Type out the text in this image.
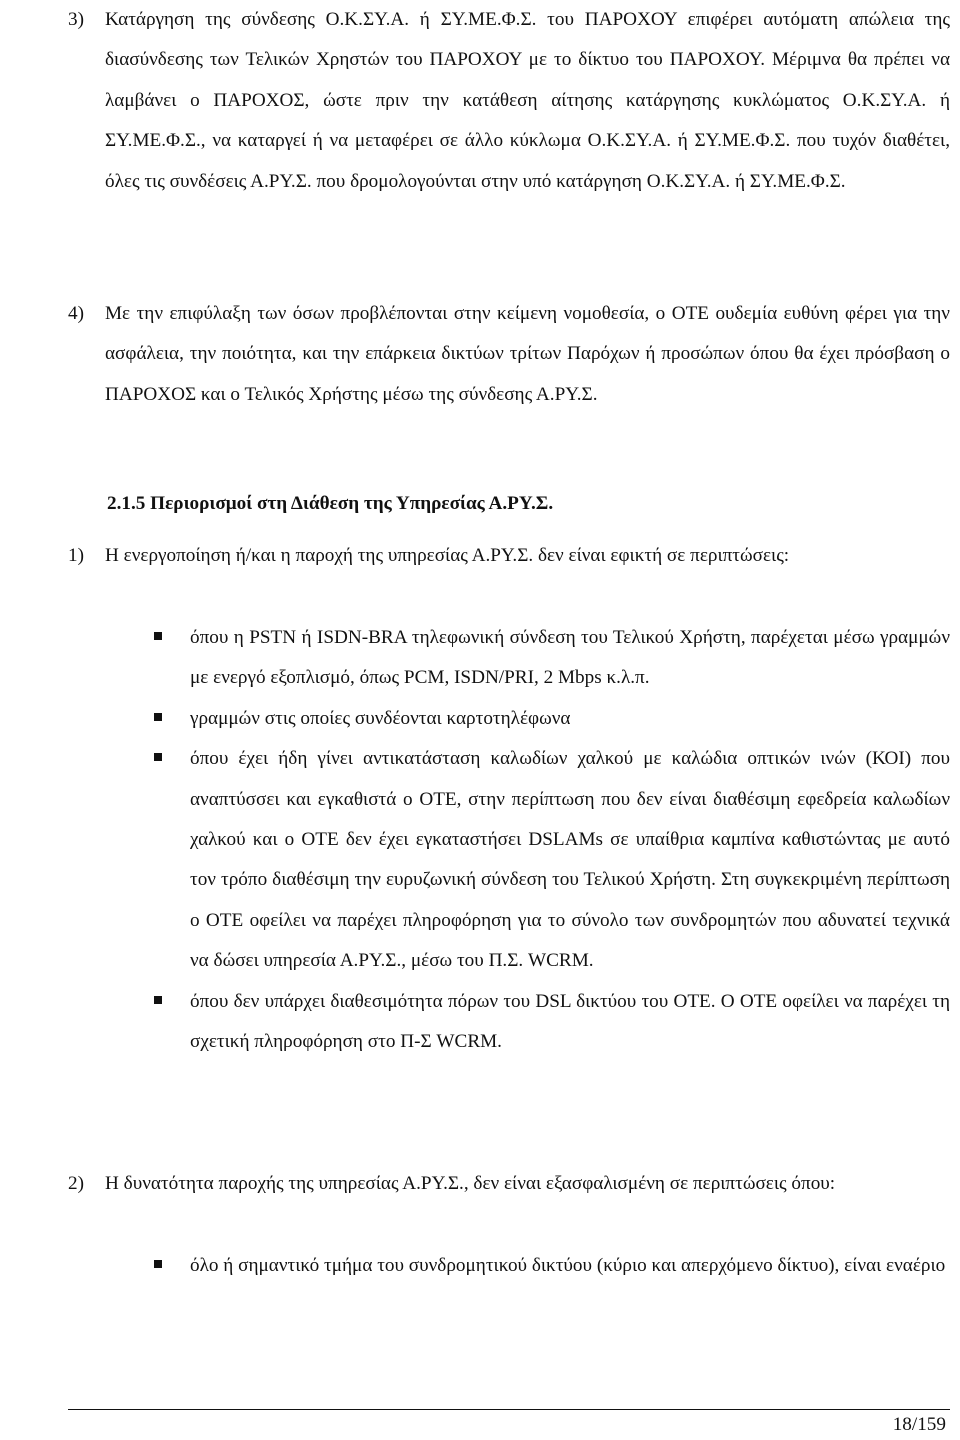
3)	Κατάργηση της σύνδεσης Ο.Κ.ΣΥ.Α. ή ΣΥ.ΜΕ.Φ.Σ. του ΠΑΡΟΧΟΥ επιφέρει αυτόματη απώλεια της διασύνδεσης των Τελικών Χρηστών του ΠΑΡΟΧΟΥ με το δίκτυο του ΠΑΡΟΧΟΥ. Μέριμνα θα πρέπει να λαμβάνει ο ΠΑΡΟΧΟΣ, ώστε πριν την κατάθεση αίτησης κατάργησης κυκλώματος Ο.Κ.ΣΥ.Α. ή ΣΥ.ΜΕ.Φ.Σ., να καταργεί ή να μεταφέρει σε άλλο κύκλωμα Ο.Κ.ΣΥ.Α. ή ΣΥ.ΜΕ.Φ.Σ. που τυχόν διαθέτει, όλες τις συνδέσεις Α.ΡΥ.Σ. που δρομολογούνται στην υπό κατάργηση Ο.Κ.ΣΥ.Α. ή ΣΥ.ΜΕ.Φ.Σ.
4)	Με την επιφύλαξη των όσων προβλέπονται στην κείμενη νομοθεσία, ο ΟΤΕ ουδεμία ευθύνη φέρει για την ασφάλεια, την ποιότητα, και την επάρκεια δικτύων τρίτων Παρόχων ή προσώπων όπου θα έχει πρόσβαση ο ΠΑΡΟΧΟΣ και ο Τελικός Χρήστης μέσω της σύνδεσης Α.ΡΥ.Σ.
2.1.5 Περιορισμοί στη Διάθεση της Υπηρεσίας Α.ΡΥ.Σ.
1)	Η ενεργοποίηση ή/και η παροχή της υπηρεσίας Α.ΡΥ.Σ. δεν είναι εφικτή σε περιπτώσεις:
όπου η PSTN ή ISDN-BRA τηλεφωνική σύνδεση του Τελικού Χρήστη, παρέχεται μέσω γραμμών με ενεργό εξοπλισμό, όπως PCM, ISDN/PRI, 2 Mbps κ.λ.π.
γραμμών στις οποίες συνδέονται καρτοτηλέφωνα
όπου έχει ήδη γίνει αντικατάσταση καλωδίων χαλκού με καλώδια οπτικών ινών (ΚΟΙ) που αναπτύσσει και εγκαθιστά ο ΟΤΕ, στην περίπτωση που δεν είναι διαθέσιμη εφεδρεία καλωδίων χαλκού και ο ΟΤΕ δεν έχει εγκαταστήσει DSLAMs σε υπαίθρια καμπίνα καθιστώντας με αυτό τον τρόπο διαθέσιμη την ευρυζωνική σύνδεση του Τελικού Χρήστη. Στη συγκεκριμένη περίπτωση ο ΟΤΕ οφείλει να παρέχει πληροφόρηση για το σύνολο των συνδρομητών που αδυνατεί τεχνικά να δώσει υπηρεσία Α.ΡΥ.Σ., μέσω του Π.Σ. WCRM.
όπου δεν υπάρχει διαθεσιμότητα πόρων του DSL δικτύου του ΟΤΕ. Ο ΟΤΕ οφείλει να παρέχει τη σχετική πληροφόρηση στο Π-Σ WCRM.
2)	Η δυνατότητα παροχής της υπηρεσίας Α.ΡΥ.Σ., δεν είναι εξασφαλισμένη σε περιπτώσεις όπου:
όλο ή σημαντικό τμήμα του συνδρομητικού δικτύου (κύριο και απερχόμενο δίκτυο), είναι εναέριο
18/159
